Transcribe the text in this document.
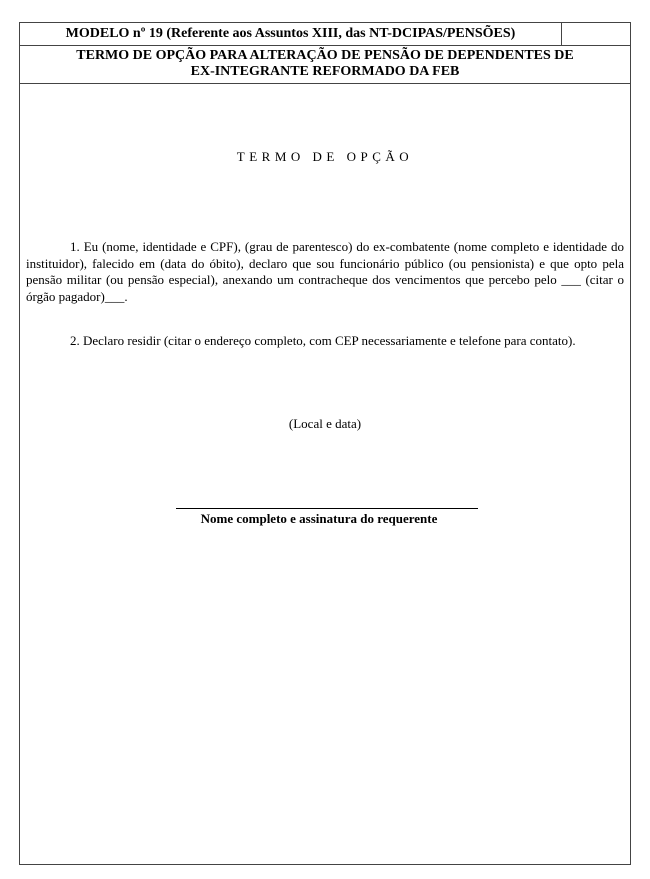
MODELO nº 19 (Referente aos Assuntos XIII, das NT-DCIPAS/PENSÕES)
TERMO DE OPÇÃO PARA ALTERAÇÃO DE PENSÃO DE DEPENDENTES DE
EX-INTEGRANTE REFORMADO DA FEB
TERMO DE OPÇÃO
1. Eu (nome, identidade e CPF), (grau de parentesco) do ex-combatente (nome completo e identidade do instituidor), falecido em (data do óbito), declaro que sou funcionário público (ou pensionista) e que opto pela pensão militar (ou pensão especial), anexando um contracheque dos vencimentos que percebo pelo ___ (citar o órgão pagador)___.
2. Declaro residir (citar o endereço completo, com CEP necessariamente e telefone para contato).
(Local e data)
Nome completo e assinatura do requerente
